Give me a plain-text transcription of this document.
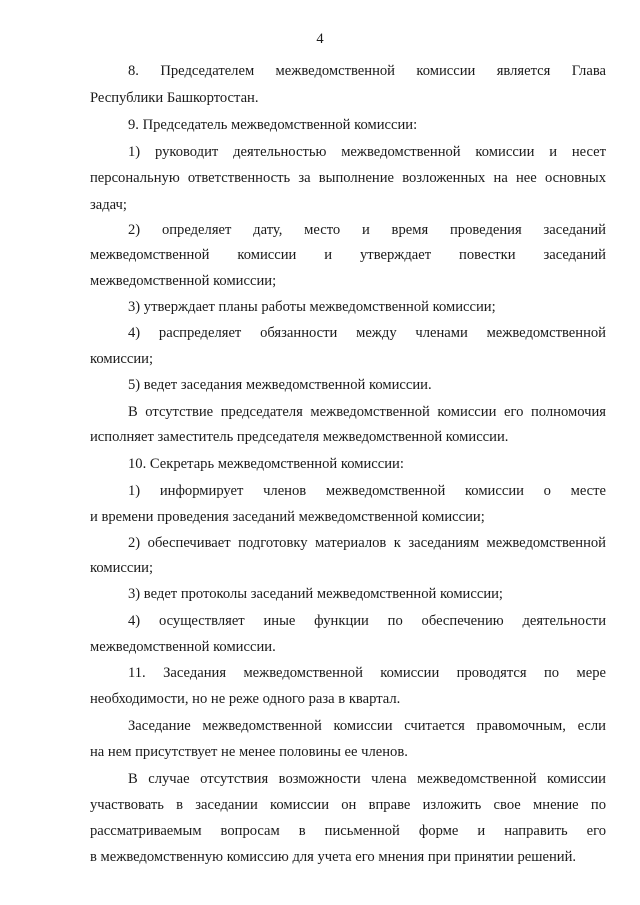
4

8. Председателем межведомственной комиссии является Глава

Республики Башкортостан.

9. Председатель межведомственной комиссии:

1) руководит деятельностью межведомственной комиссии и несет

персональную ответственность за выполнение возложенных на нее основных

задач;

2) определяет дату, место и время проведения заседаний

межведомственной комиссии и утверждает повестки заседаний

межведомственной комиссии;

3) утверждает планы работы межведомственной комиссии;

4) распределяет обязанности между членами межведомственной

комиссии;

5) ведет заседания межведомственной комиссии.

В отсутствие председателя межведомственной комиссии его полномочия

исполняет заместитель председателя межведомственной комиссии.

10. Секретарь межведомственной комиссии:

1) информирует членов межведомственной комиссии о месте

и времени проведения заседаний межведомственной комиссии;

2) обеспечивает подготовку материалов к заседаниям межведомственной

комиссии;

3) ведет протоколы заседаний межведомственной комиссии;

4) осуществляет иные функции по обеспечению деятельности

межведомственной комиссии.

11. Заседания межведомственной комиссии проводятся по мере

необходимости, но не реже одного раза в квартал.

Заседание межведомственной комиссии считается правомочным, если

на нем присутствует не менее половины ее членов.

В случае отсутствия возможности члена межведомственной комиссии

участвовать в заседании комиссии он вправе изложить свое мнение по

рассматриваемым вопросам в письменной форме и направить его

в межведомственную комиссию для учета его мнения при принятии решений.
